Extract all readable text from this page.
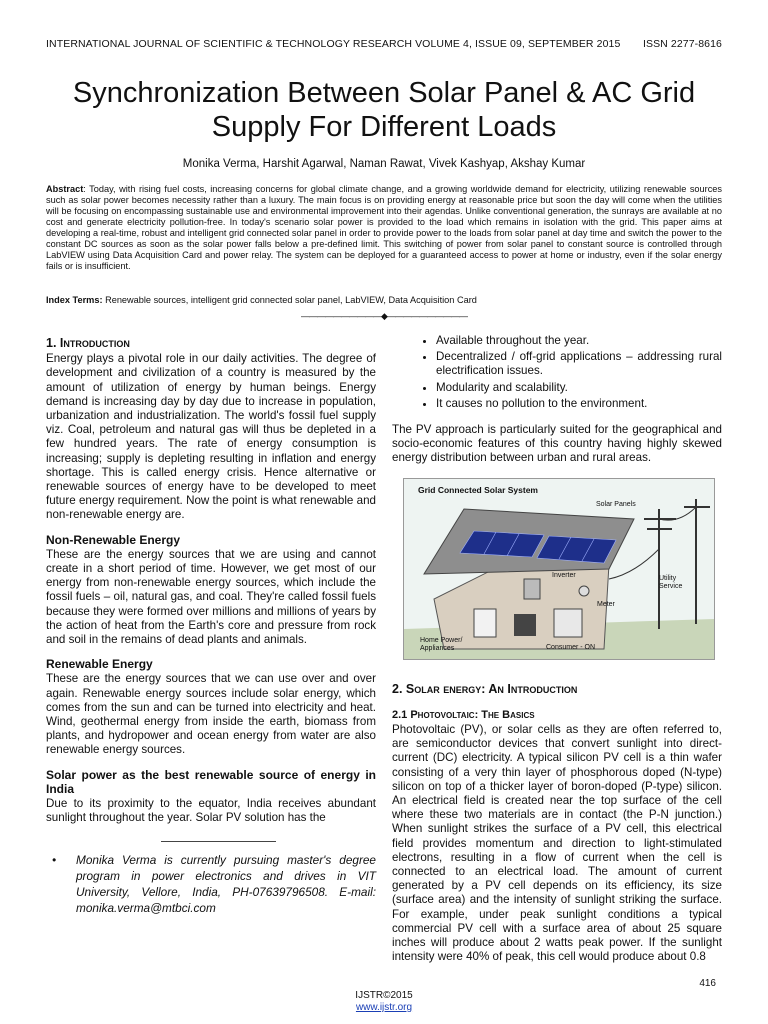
INTERNATIONAL JOURNAL OF SCIENTIFIC & TECHNOLOGY RESEARCH VOLUME 4, ISSUE 09, SEPTEMBER 2015 ISSN 2277-8616
Synchronization Between Solar Panel & AC Grid
Supply For Different Loads
Monika Verma, Harshit Agarwal, Naman Rawat, Vivek Kashyap, Akshay Kumar
Abstract: Today, with rising fuel costs, increasing concerns for global climate change, and a growing worldwide demand for electricity, utilizing renewable sources such as solar power becomes necessity rather than a luxury. The main focus is on providing energy at reasonable price but soon the day will come when the utilities will be focusing on encompassing sustainable use and environmental improvement into their agendas. Unlike conventional generation, the sunrays are available at no cost and generate electricity pollution-free. In today's scenario solar power is provided to the load which remains in isolation with the grid. This paper aims at developing a real-time, robust and intelligent grid connected solar panel in order to provide power to the loads from solar panel at day time and switch the power to the constant DC sources as soon as the solar power falls below a pre-defined limit. This switching of power from solar panel to constant source is controlled through LabVIEW using Data Acquisition Card and power relay. The system can be deployed for a guaranteed access to power at home or industry, even if the solar energy fails or is insufficient.
Index Terms: Renewable sources, intelligent grid connected solar panel, LabVIEW, Data Acquisition Card
——————————◆——————————
1. Introduction

Energy plays a pivotal role in our daily activities. The degree of development and civilization of a country is measured by the amount of utilization of energy by human beings. Energy demand is increasing day by day due to increase in population, urbanization and industrialization. The world's fossil fuel supply viz. Coal, petroleum and natural gas will thus be depleted in a few hundred years. The rate of energy consumption is increasing; supply is depleting resulting in inflation and energy shortage. This is called energy crisis. Hence alternative or renewable sources of energy have to be developed to meet future energy requirement. Now the point is what renewable and non-renewable energy are.

Non-Renewable Energy

These are the energy sources that we are using and cannot create in a short period of time. However, we get most of our energy from non-renewable energy sources, which include the fossil fuels – oil, natural gas, and coal. They're called fossil fuels because they were formed over millions and millions of years by the action of heat from the Earth's core and pressure from rock and soil in the remains of dead plants and animals.

Renewable Energy

These are the energy sources that we can use over and over again. Renewable energy sources include solar energy, which comes from the sun and can be turned into electricity and heat. Wind, geothermal energy from inside the earth, biomass from plants, and hydropower and ocean energy from water are also renewable energy sources.

Solar power as the best renewable source of energy in India

Due to its proximity to the equator, India receives abundant sunlight throughout the year. Solar PV solution has the

• Monika Verma is currently pursuing master's degree program in power electronics and drives in VIT University, Vellore, India, PH-07639796508. E-mail: monika.verma@mtbci.com
• Available throughout the year.
• Decentralized / off-grid applications – addressing rural electrification issues.
• Modularity and scalability.
• It causes no pollution to the environment.

The PV approach is particularly suited for the geographical and socio-economic features of this country having highly skewed energy distribution between urban and rural areas.

2. Solar energy: An Introduction
2.1 Photovoltaic: The Basics

Photovoltaic (PV), or solar cells as they are often referred to, are semiconductor devices that convert sunlight into direct-current (DC) electricity. A typical silicon PV cell is a thin wafer consisting of a very thin layer of phosphorous doped (N-type) silicon on top of a thicker layer of boron-doped (P-type) silicon. An electrical field is created near the top surface of the cell where these two materials are in contact (the P-N junction.) When sunlight strikes the surface of a PV cell, this electrical field provides momentum and direction to light-stimulated electrons, resulting in a flow of current when the cell is connected to an electrical load. The amount of current generated by a PV cell depends on its efficiency, its size (surface area) and the intensity of sunlight striking the surface. For example, under peak sunlight conditions a typical commercial PV cell with a surface area of about 25 square inches will produce about 2 watts peak power. If the sunlight intensity were 40% of peak, this cell would produce about 0.8

Grid Connected Solar System
Solar Panels
Inverter
Meter
Utility Service
Home Power/ Appliances	Consumer - ON
416
IJSTR©2015
www.ijstr.org
